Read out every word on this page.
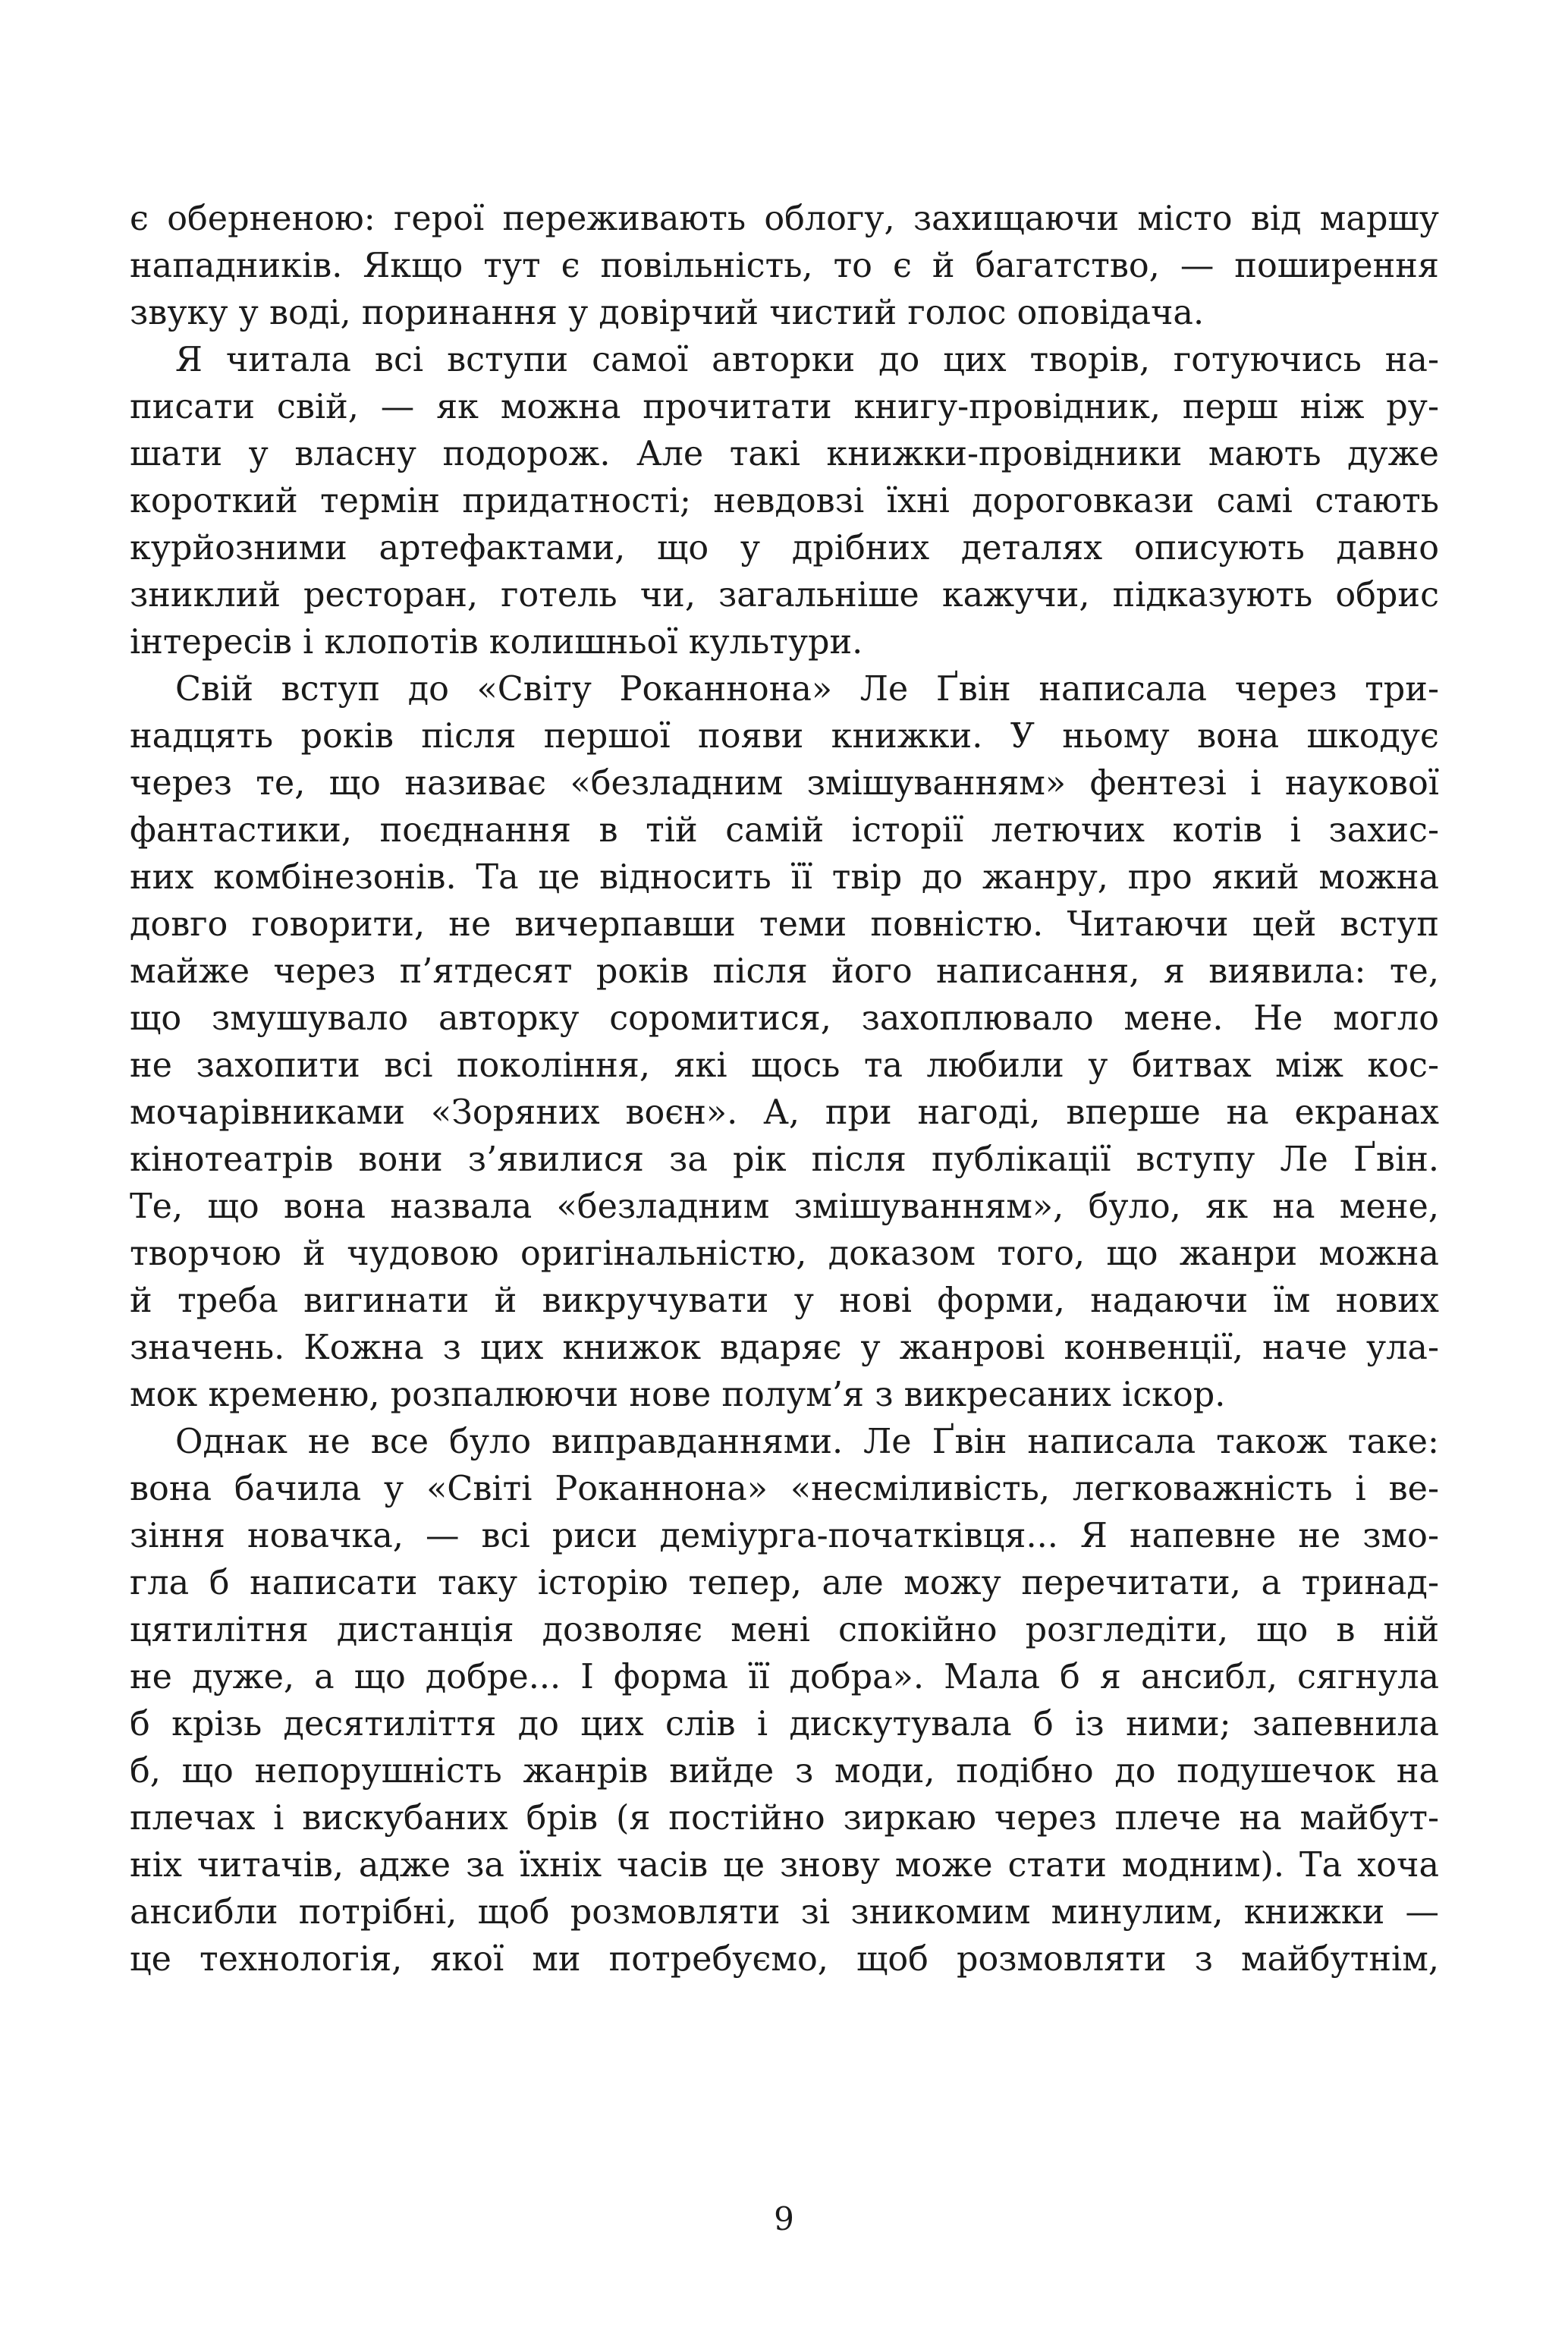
є оберненою: герої переживають облогу, захищаючи місто від маршу
нападників. Якщо тут є повільність, то є й багатство, — поширення
звуку у воді, поринання у довірчий чистий голос оповідача.
Я читала всі вступи самої авторки до цих творів, готуючись на-
писати свій, — як можна прочитати книгу-провідник, перш ніж ру-
шати у власну подорож. Але такі книжки-провідники мають дуже
короткий термін придатності; невдовзі їхні дороговкази самі стають
курйозними артефактами, що у дрібних деталях описують давно
зниклий ресторан, готель чи, загальніше кажучи, підказують обрис
інтересів і клопотів колишньої культури.
Свій вступ до «Світу Роканнона» Ле Ґвін написала через три-
надцять років після першої появи книжки. У ньому вона шкодує
через те, що називає «безладним змішуванням» фентезі і наукової
фантастики, поєднання в тій самій історії летючих котів і захис-
них комбінезонів. Та це відносить її твір до жанру, про який можна
довго говорити, не вичерпавши теми повністю. Читаючи цей вступ
майже через п’ятдесят років після його написання, я виявила: те,
що змушувало авторку соромитися, захоплювало мене. Не могло
не захопити всі покоління, які щось та любили у битвах між кос-
мочарівниками «Зоряних воєн». А, при нагоді, вперше на екранах
кінотеатрів вони з’явилися за рік після публікації вступу Ле Ґвін.
Те, що вона назвала «безладним змішуванням», було, як на мене,
творчою й чудовою оригінальністю, доказом того, що жанри можна
й треба вигинати й викручувати у нові форми, надаючи їм нових
значень. Кожна з цих книжок вдаряє у жанрові конвенції, наче ула-
мок кременю, розпалюючи нове полум’я з викресаних іскор.
Однак не все було виправданнями. Ле Ґвін написала також таке:
вона бачила у «Світі Роканнона» «несміливість, легковажність і ве-
зіння новачка, — всі риси деміурга-початківця... Я напевне не змо-
гла б написати таку історію тепер, але можу перечитати, а тринад-
цятилітня дистанція дозволяє мені спокійно розгледіти, що в ній
не дуже, а що добре... І форма її добра». Мала б я ансибл, сягнула
б крізь десятиліття до цих слів і дискутувала б із ними; запевнила
б, що непорушність жанрів вийде з моди, подібно до подушечок на
плечах і вискубаних брів (я постійно зиркаю через плече на майбут-
ніх читачів, адже за їхніх часів це знову може стати модним). Та хоча
ансибли потрібні, щоб розмовляти зі зникомим минулим, книжки —
це технологія, якої ми потребуємо, щоб розмовляти з майбутнім,
9
